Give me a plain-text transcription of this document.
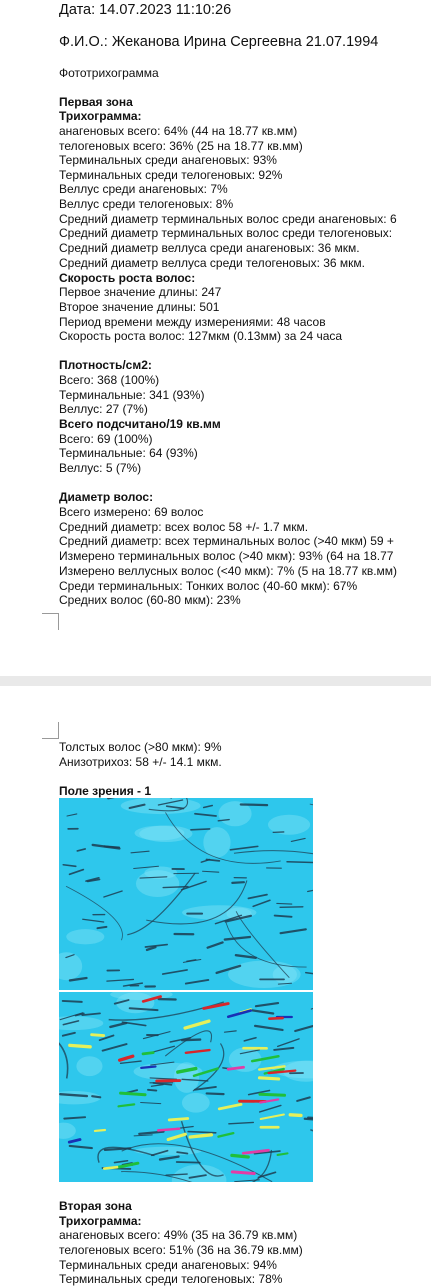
Дата: 14.07.2023 11:10:26
Ф.И.О.: Жеканова Ирина Сергеевна 21.07.1994
Фототрихограмма
Первая зона
Трихограмма:
анагеновых всего: 64% (44 на 18.77 кв.мм)
телогеновых всего: 36% (25 на 18.77 кв.мм)
Терминальных среди анагеновых: 93%
Терминальных среди телогеновых: 92%
Веллус среди анагеновых: 7%
Веллус среди телогеновых: 8%
Средний диаметр терминальных волос среди анагеновых: 6
Средний диаметр терминальных волос среди телогеновых:
Средний диаметр веллуса среди анагеновых: 36 мкм.
Средний диаметр веллуса среди телогеновых: 36 мкм.
Скорость роста волос:
Первое значение длины: 247
Второе значение длины: 501
Период времени между измерениями: 48 часов
Скорость роста волос: 127мкм (0.13мм) за 24 часа
Плотность/см2:
Всего: 368 (100%)
Терминальные: 341 (93%)
Веллус: 27 (7%)
Всего подсчитано/19 кв.мм
Всего: 69 (100%)
Терминальные: 64 (93%)
Веллус: 5 (7%)
Диаметр волос:
Всего измерено: 69 волос
Средний диаметр: всех волос 58 +/- 1.7 мкм.
Средний диаметр: всех терминальных волос (>40 мкм) 59 +
Измерено терминальных волос (>40 мкм): 93% (64 на 18.77
Измерено веллусных волос (<40 мкм): 7% (5 на 18.77 кв.мм)
Среди терминальных: Тонких волос (40-60 мкм): 67%
Средних волос (60-80 мкм): 23%
Толстых волос (>80 мкм): 9%
Анизотрихоз: 58 +/- 14.1 мкм.
Поле зрения - 1
Вторая зона
Трихограмма:
анагеновых всего: 49% (35 на 36.79 кв.мм)
телогеновых всего: 51% (36 на 36.79 кв.мм)
Терминальных среди анагеновых: 94%
Терминальных среди телогеновых: 78%
